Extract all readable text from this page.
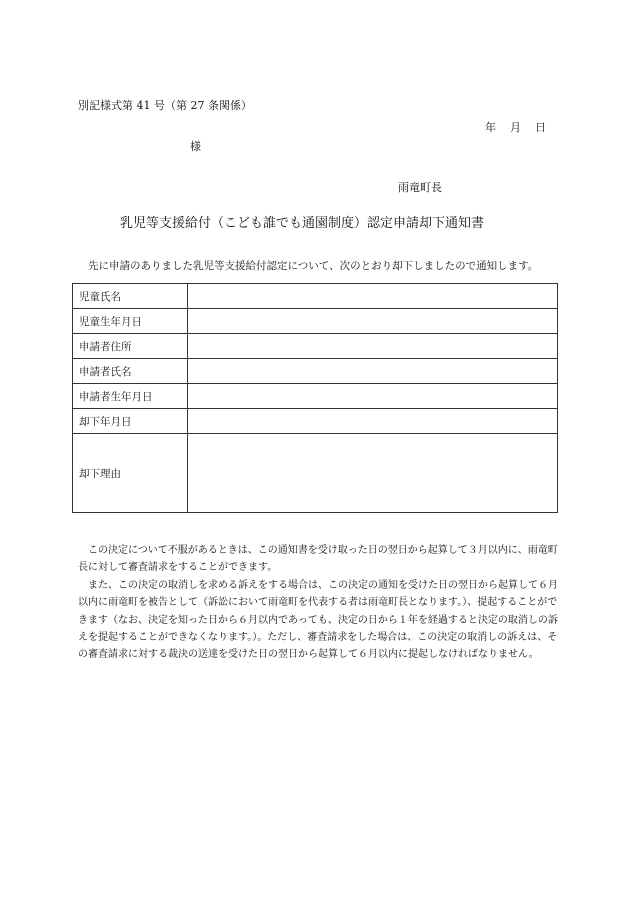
別記様式第 41 号（第 27 条関係）
年 月 日
様
雨竜町長
乳児等支援給付（こども誰でも通園制度）認定申請却下通知書
先に申請のありました乳児等支援給付認定について、次のとおり却下しましたので通知します。
児童氏名	
児童生年月日	
申請者住所	
申請者氏名	
申請者生年月日	
却下年月日	
却下理由	

この決定について不服があるときは、この通知書を受け取った日の翌日から起算して３月以内に、雨竜町長に対して審査請求をすることができます。

また、この決定の取消しを求める訴えをする場合は、この決定の通知を受けた日の翌日から起算して６月以内に雨竜町を被告として（訴訟において雨竜町を代表する者は雨竜町長となります。）、提起することができます（なお、決定を知った日から６月以内であっても、決定の日から１年を経過すると決定の取消しの訴えを提起することができなくなります。）。ただし、審査請求をした場合は、この決定の取消しの訴えは、その審査請求に対する裁決の送達を受けた日の翌日から起算して６月以内に提起しなければなりません。
